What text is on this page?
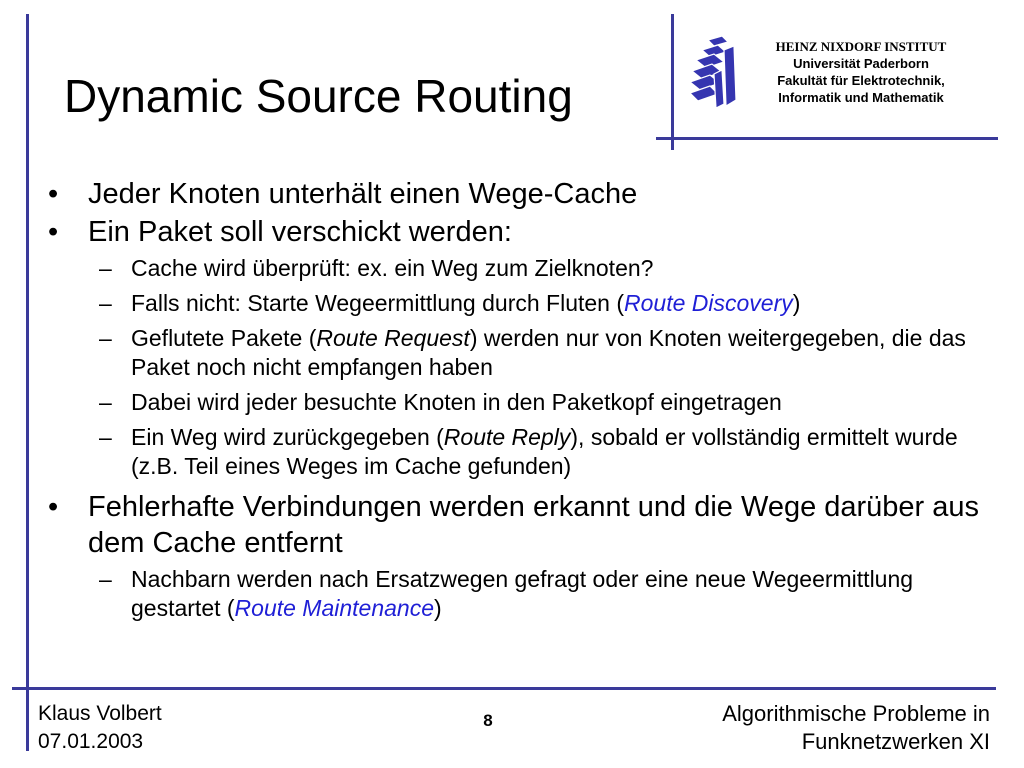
Dynamic Source Routing
HEINZ NIXDORF INSTITUT
Universität Paderborn
Fakultät für Elektrotechnik,
Informatik und Mathematik
• Jeder Knoten unterhält einen Wege-Cache
• Ein Paket soll verschickt werden:
– Cache wird überprüft: ex. ein Weg zum Zielknoten?
– Falls nicht: Starte Wegeermittlung durch Fluten (Route Discovery)
– Geflutete Pakete (Route Request) werden nur von Knoten weitergegeben, die das Paket noch nicht empfangen haben
– Dabei wird jeder besuchte Knoten in den Paketkopf eingetragen
– Ein Weg wird zurückgegeben (Route Reply), sobald er vollständig ermittelt wurde (z.B. Teil eines Weges im Cache gefunden)
• Fehlerhafte Verbindungen werden erkannt und die Wege darüber aus dem Cache entfernt
– Nachbarn werden nach Ersatzwegen gefragt oder eine neue Wegeermittlung gestartet (Route Maintenance)
Klaus Volbert
07.01.2003
8	Algorithmische Probleme in
Funknetzwerken XI
